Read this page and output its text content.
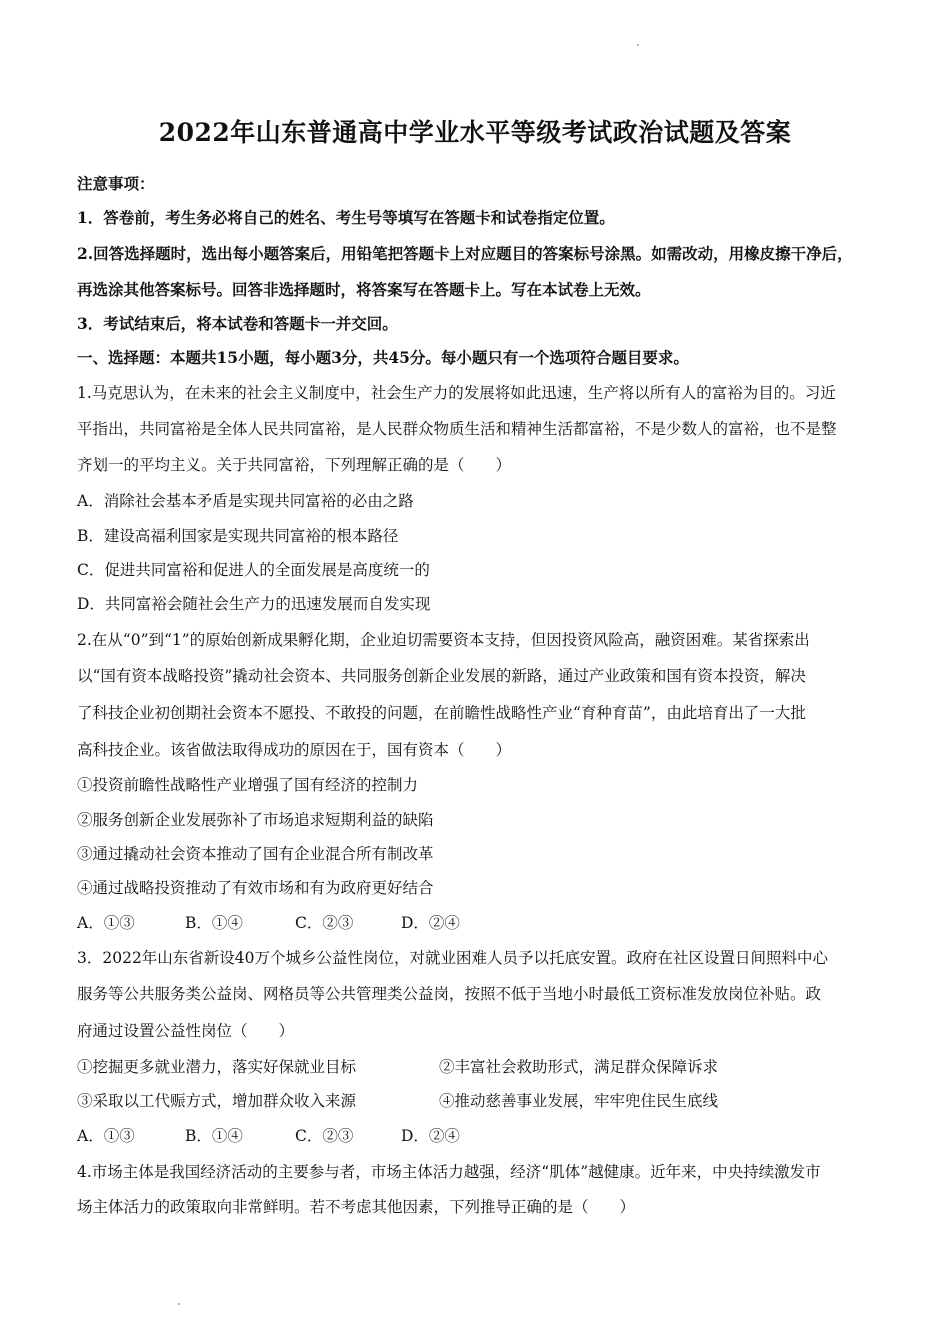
2022年山东普通高中学业水平等级考试政治试题及答案
注意事项：
1．答卷前，考生务必将自己的姓名、考生号等填写在答题卡和试卷指定位置。
2.回答选择题时，选出每小题答案后，用铅笔把答题卡上对应题目的答案标号涂黑。如需改动，用橡皮擦干净后，
再选涂其他答案标号。回答非选择题时，将答案写在答题卡上。写在本试卷上无效。
3．考试结束后，将本试卷和答题卡一并交回。
一、选择题：本题共15小题，每小题3分，共45分。每小题只有一个选项符合题目要求。
1.马克思认为，在未来的社会主义制度中，社会生产力的发展将如此迅速，生产将以所有人的富裕为目的。习近
平指出，共同富裕是全体人民共同富裕，是人民群众物质生活和精神生活都富裕，不是少数人的富裕，也不是整
齐划一的平均主义。关于共同富裕，下列理解正确的是（　　）
A．消除社会基本矛盾是实现共同富裕的必由之路
B．建设高福利国家是实现共同富裕的根本路径
C．促进共同富裕和促进人的全面发展是高度统一的
D．共同富裕会随社会生产力的迅速发展而自发实现
2.在从“0”到“1”的原始创新成果孵化期，企业迫切需要资本支持，但因投资风险高，融资困难。某省探索出
以“国有资本战略投资”撬动社会资本、共同服务创新企业发展的新路，通过产业政策和国有资本投资，解决
了科技企业初创期社会资本不愿投、不敢投的问题，在前瞻性战略性产业“育种育苗”，由此培育出了一大批
高科技企业。该省做法取得成功的原因在于，国有资本（　　）
①投资前瞻性战略性产业增强了国有经济的控制力
②服务创新企业发展弥补了市场追求短期利益的缺陷
③通过撬动社会资本推动了国有企业混合所有制改革
④通过战略投资推动了有效市场和有为政府更好结合
A．①③	B．①④	C．②③	D．②④
3．2022年山东省新设40万个城乡公益性岗位，对就业困难人员予以托底安置。政府在社区设置日间照料中心
服务等公共服务类公益岗、网格员等公共管理类公益岗，按照不低于当地小时最低工资标准发放岗位补贴。政
府通过设置公益性岗位（　　）
①挖掘更多就业潜力，落实好保就业目标	②丰富社会救助形式，满足群众保障诉求
③采取以工代赈方式，增加群众收入来源	④推动慈善事业发展，牢牢兜住民生底线
A．①③	B．①④	C．②③	D．②④
4.市场主体是我国经济活动的主要参与者，市场主体活力越强，经济“肌体”越健康。近年来，中央持续激发市
场主体活力的政策取向非常鲜明。若不考虑其他因素，下列推导正确的是（　　）
